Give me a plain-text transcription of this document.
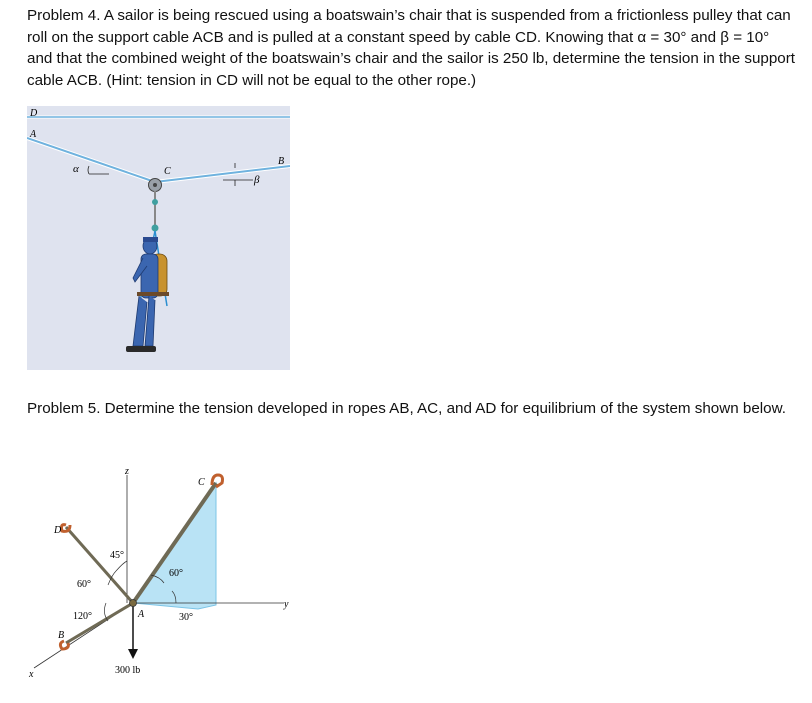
Problem 4. A sailor is being rescued using a boatswain’s chair that is suspended from a frictionless pulley that can roll on the support cable ACB and is pulled at a constant speed by cable CD. Knowing that α = 30° and β = 10° and that the combined weight of the boatswain’s chair and the sailor is 250 lb, determine the tension in the support cable ACB. (Hint: tension in CD will not be equal to the other rope.)

D
A
B
C
α
β

Problem 5. Determine the tension developed in ropes AB, AC, and AD for equilibrium of the system shown below.

z
y
x
A
B
C
D
45°
60°
120°
60°
30°
300 lb
